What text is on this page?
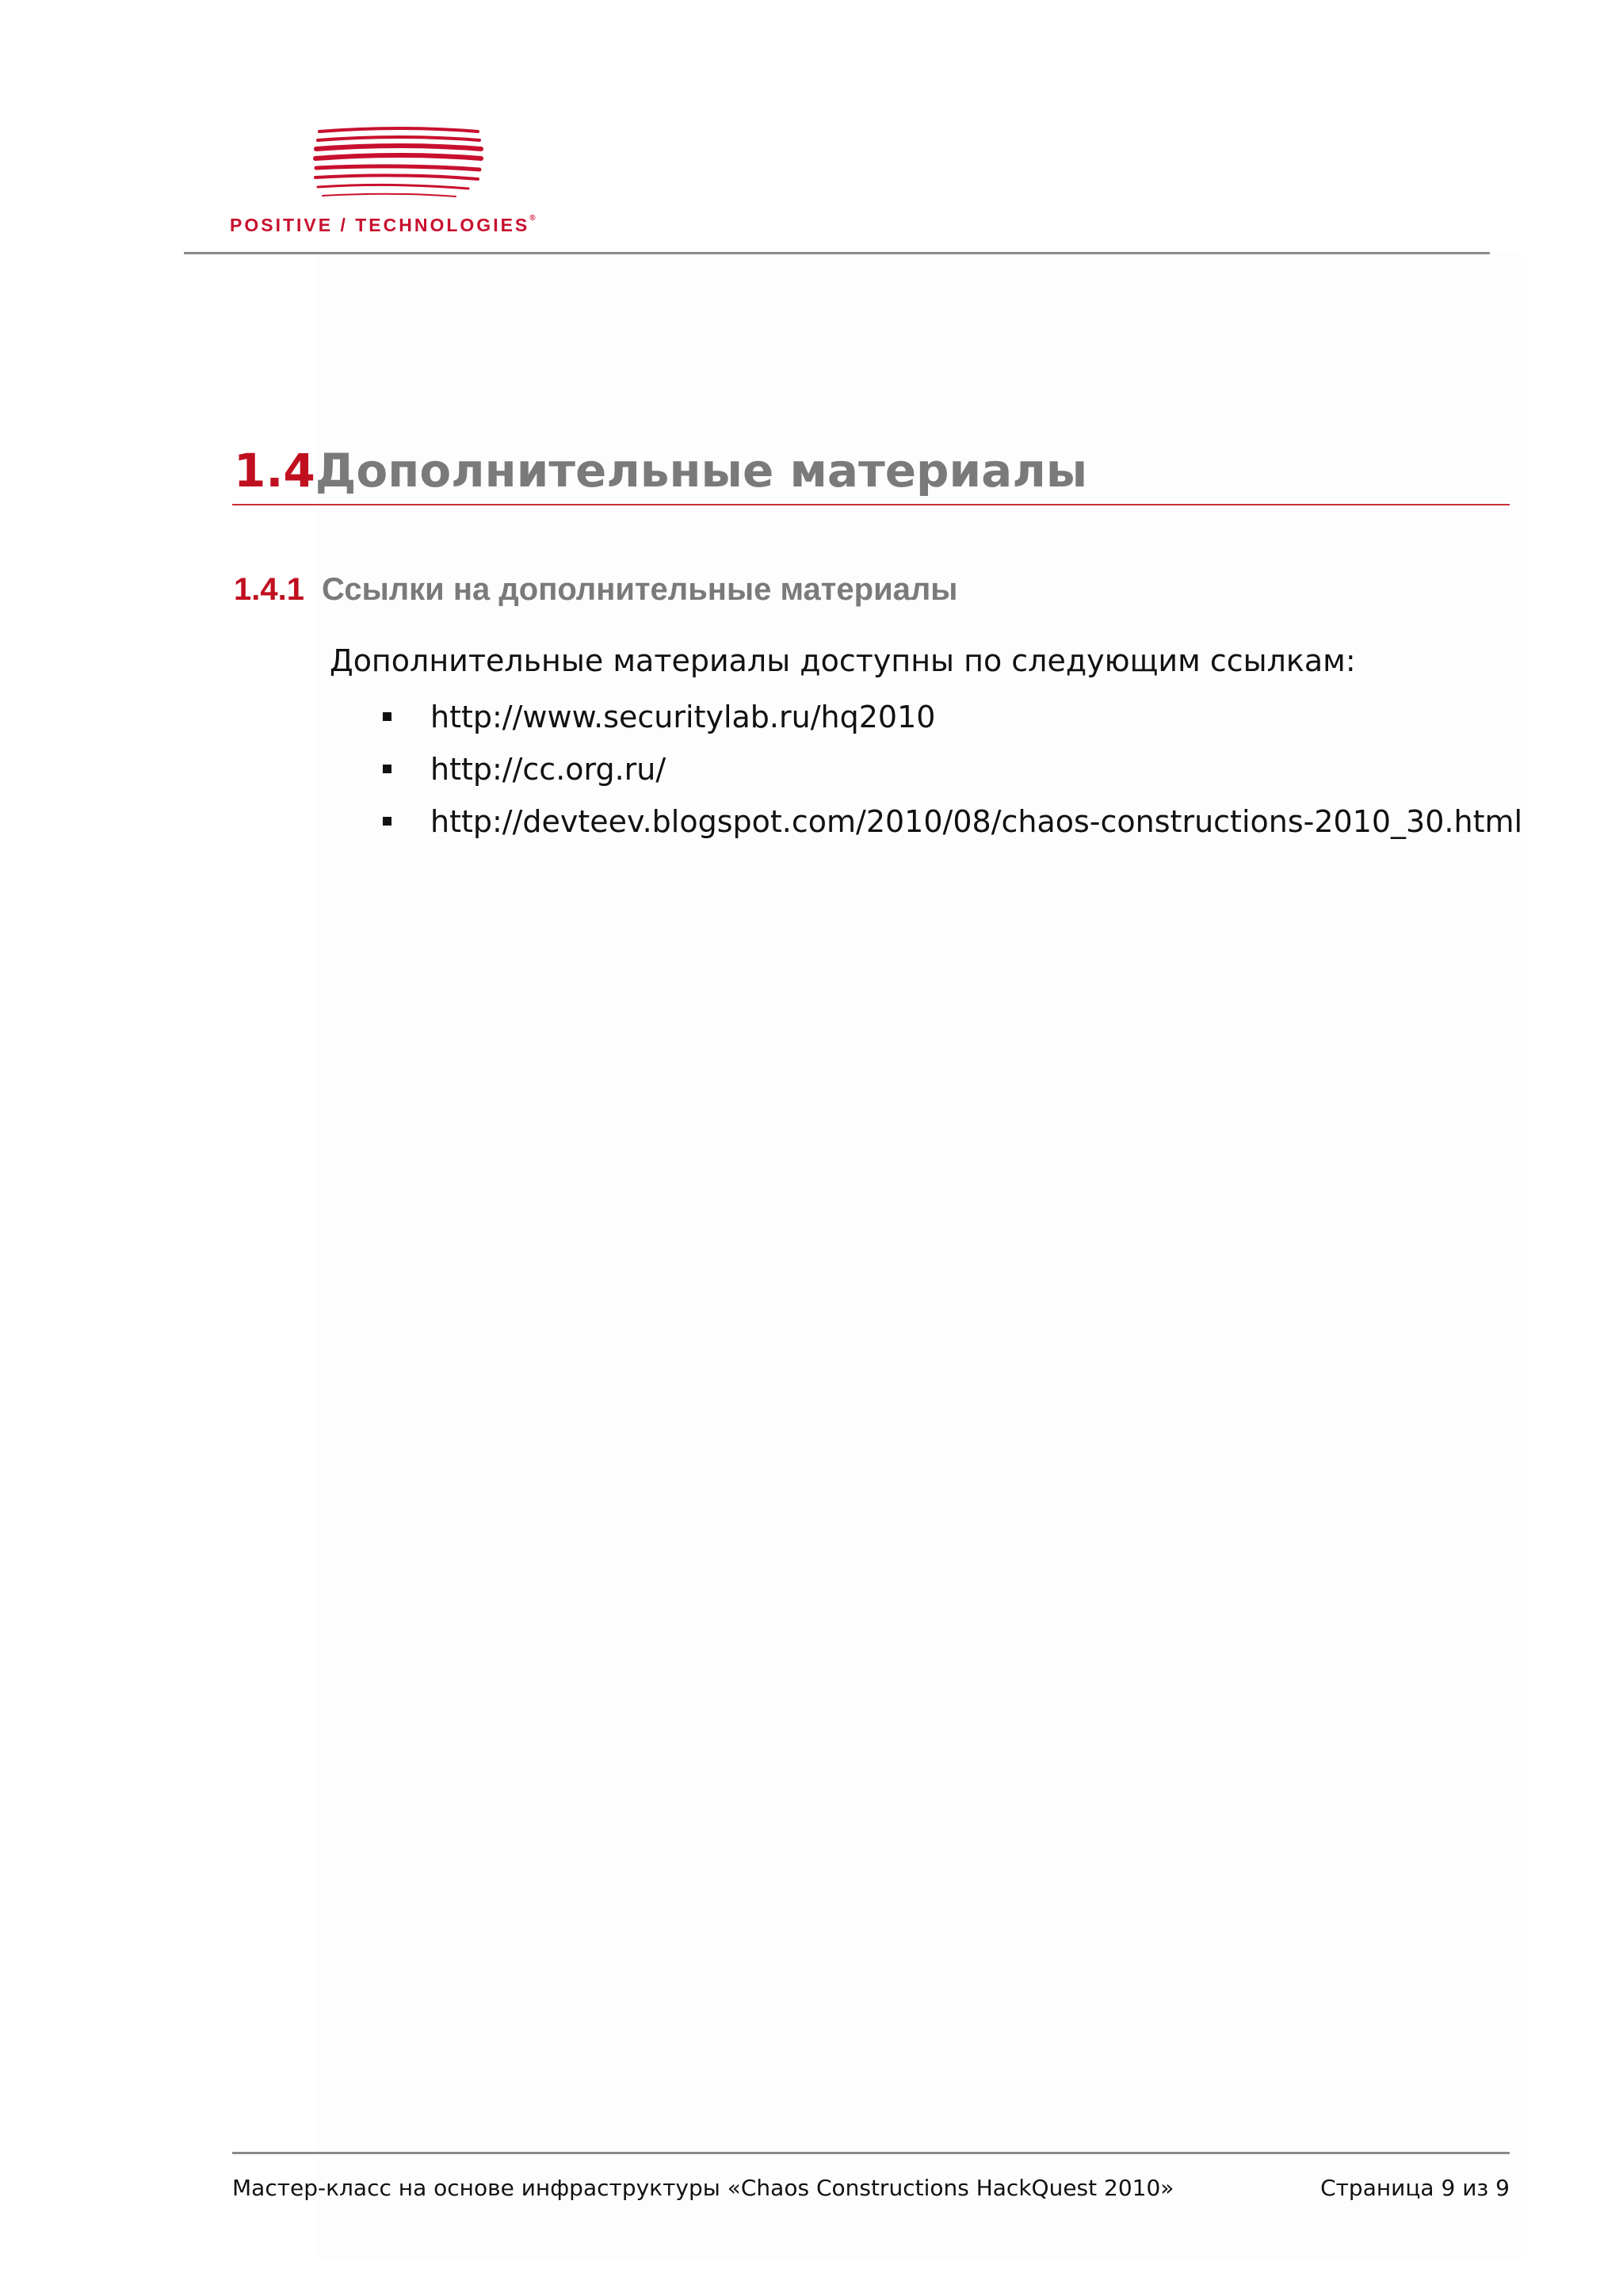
POSITIVE / TECHNOLOGIES®
1.4Дополнительные материалы
1.4.1 Ссылки на дополнительные материалы
Дополнительные материалы доступны по следующим ссылкам:
http://www.securitylab.ru/hq2010
http://cc.org.ru/
http://devteev.blogspot.com/2010/08/chaos-constructions-2010_30.html
Мастер-класс на основе инфраструктуры «Chaos Constructions HackQuest 2010»	Страница 9 из 9
